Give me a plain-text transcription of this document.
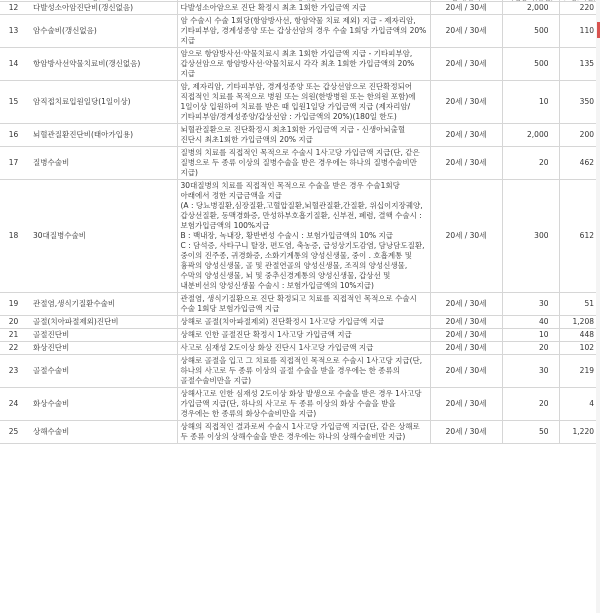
12	다발성소아암진단비(갱신없음)	다발성소아암으로 진단 확정시 최초 1회한 가입금액 지급	20세 / 30세	2,000	220
13	암수술비(갱신없음)	암 수술시 수술 1회당(항암방사선, 항암약물 치료 제외) 지급 - 제자리암, 기타피부암, 경계성종양 또는 갑상선암의 경우 수술 1회당 가입금액의 20% 지급	20세 / 30세	500	110
14	항암방사선약물치료비(갱신없음)	암으로 항암방사선·약물치료시 최초 1회한 가입금액 지급 - 기타피부암, 갑상선암으로 항암방사선·약물치료시 각각 최초 1회한 가입금액의 20% 지급	20세 / 30세	500	135
15	암직접치료입원일당(1일이상)	암, 제자리암, 기타피부암, 경계성종양 또는 갑상선암으로 진단확정되어 직접적인 치료를 목적으로 병원 또는 의원(한방병원 또는 한의원 포함)에 1일이상 입원하여 치료를 받은 때 입원1일당 가입금액 지급 (제자리암/기타피부암/경계성종양/갑상선암 : 가입금액의 20%)(180일 한도)	20세 / 30세	10	350
16	뇌혈관질환진단비(태아가입용)	뇌혈관질환으로 진단확정시 최초1회한 가입금액 지급 - 신생아뇌출혈 진단시 최초1회한 가입금액의 20% 지급	20세 / 30세	2,000	200
17	질병수술비	질병의 치료를 직접적인 목적으로 수술시 1사고당 가입금액 지급(단, 같은 질병으로 두 종류 이상의 질병수술을 받은 경우에는 하나의 질병수술비만 지급)	20세 / 30세	20	462
18	30대질병수술비	30대질병의 치료를 직접적인 목적으로 수술을 받은 경우 수술1회당 아래에서 정한 지급금액을 지급
(A : 당뇨병질환,심장질환,고혈압질환,뇌혈관질환,간질환, 위십이지장궤양, 갑상선질환, 동맥경화증, 만성하부호흡기질환, 신부전, 폐렴, 결핵 수술시 : 보험가입금액의 100%지급
B : 백내장, 녹내장, 황반변성 수술시 : 보험가입금액의 10% 지급
C : 담석증, 사타구니 탈장, 편도염, 축농증, 급성상기도감염, 담낭담도질환, 중이의 진주종, 귀경화증, 소화기계통의 양성신생물, 중이 . 호흡계통 및 흉곽의 양성신생물, 골 및 관절연골의 양성신생물, 조직의 양성신생물, 수막의 양성신생물, 뇌 및 중추신경계통의 양성신생물, 갑상선 및 내분비선의 양성신생물 수술시 : 보험가입금액의 10%지급)	20세 / 30세	300	612
19	관절염,생식기질환수술비	관절염, 생식기질환으로 진단 확정되고 치료를 직접적인 목적으로 수술시 수술 1회당 보험가입금액 지급	20세 / 30세	30	51
20	골절(치아파절제외)진단비	상해로 골절(치아파절제외) 진단확정시 1사고당 가입금액 지급	20세 / 30세	40	1,208
21	골절진단비	상해로 인한 골절진단 확정시 1사고당 가입금액 지급	20세 / 30세	10	448
22	화상진단비	사고로 심재성 2도이상 화상 진단시 1사고당 가입금액 지급	20세 / 30세	20	102
23	골절수술비	상해로 골절을 입고 그 치료를 직접적인 목적으로 수술시 1사고당 지급(단, 하나의 사고로 두 종류 이상의 골절 수술을 받을 경우에는 한 종류의 골절수술비만을 지급)	20세 / 30세	30	219
24	화상수술비	상해사고로 인한 심재성 2도이상 화상 발생으로 수술을 받은 경우 1사고당 가입금액 지급(단, 하나의 사고로 두 종류 이상의 화상 수술을 받을 경우에는 한 종류의 화상수술비만을 지급)	20세 / 30세	20	4
25	상해수술비	상해의 직접적인 결과로써 수술시 1사고당 가입금액 지급(단, 같은 상해로 두 종류 이상의 상해수술을 받은 경우에는 하나의 상해수술비만 지급)	20세 / 30세	50	1,220
